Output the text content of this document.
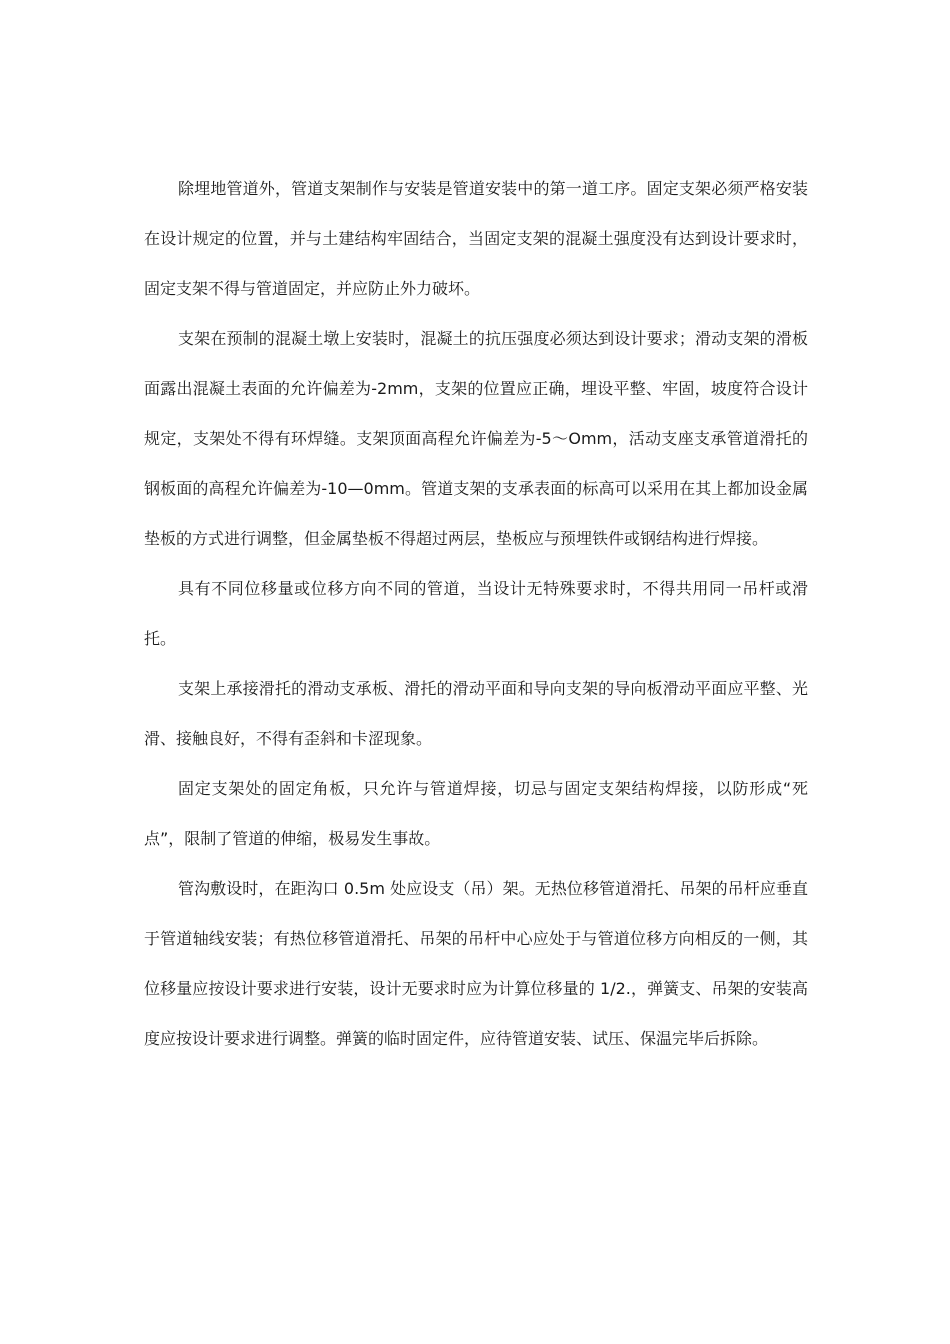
除埋地管道外，管道支架制作与安装是管道安装中的第一道工序。固定支架必须严格安装在设计规定的位置，并与土建结构牢固结合，当固定支架的混凝土强度没有达到设计要求时，固定支架不得与管道固定，并应防止外力破坏。

支架在预制的混凝土墩上安装时，混凝土的抗压强度必须达到设计要求；滑动支架的滑板面露出混凝土表面的允许偏差为-2mm，支架的位置应正确，埋设平整、牢固，坡度符合设计规定，支架处不得有环焊缝。支架顶面高程允许偏差为-5～Omm，活动支座支承管道滑托的钢板面的高程允许偏差为-10—0mm。管道支架的支承表面的标高可以采用在其上都加设金属垫板的方式进行调整，但金属垫板不得超过两层，垫板应与预埋铁件或钢结构进行焊接。

具有不同位移量或位移方向不同的管道，当设计无特殊要求时，不得共用同一吊杆或滑托。

支架上承接滑托的滑动支承板、滑托的滑动平面和导向支架的导向板滑动平面应平整、光滑、接触良好，不得有歪斜和卡涩现象。

固定支架处的固定角板，只允许与管道焊接，切忌与固定支架结构焊接，以防形成“死点”，限制了管道的伸缩，极易发生事故。

管沟敷设时，在距沟口 0.5m 处应设支（吊）架。无热位移管道滑托、吊架的吊杆应垂直于管道轴线安装；有热位移管道滑托、吊架的吊杆中心应处于与管道位移方向相反的一侧，其位移量应按设计要求进行安装，设计无要求时应为计算位移量的 1/2.，弹簧支、吊架的安装高度应按设计要求进行调整。弹簧的临时固定件，应待管道安装、试压、保温完毕后拆除。
